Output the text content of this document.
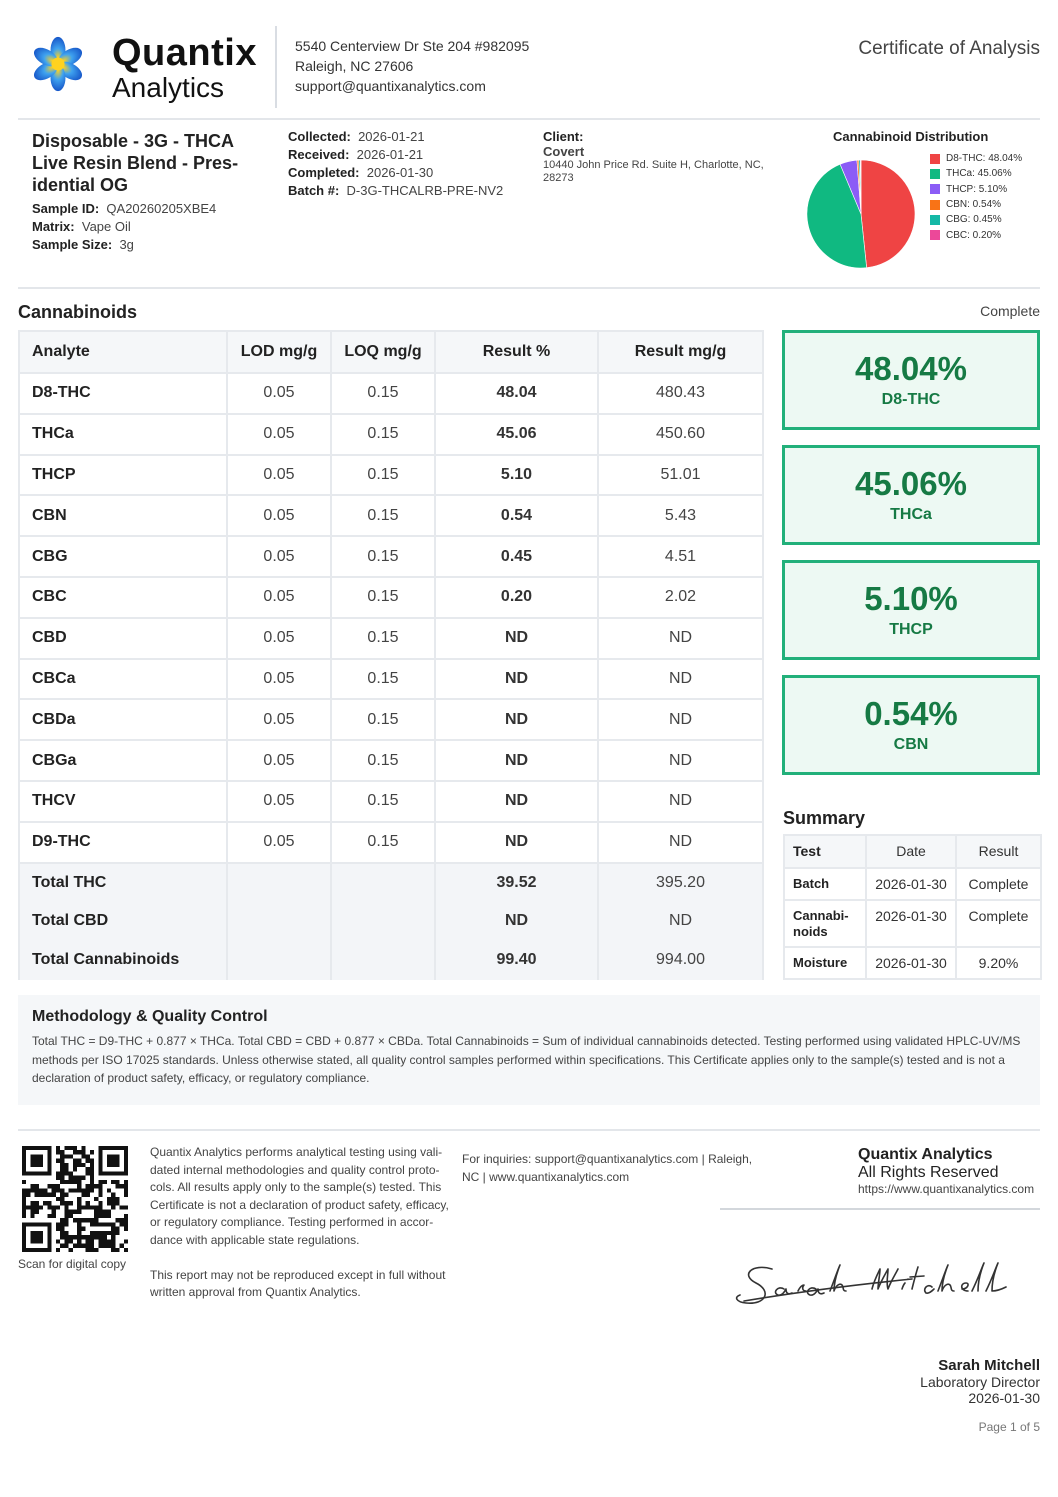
Quantix
Analytics
5540 Centerview Dr Ste 204 #982095
Raleigh, NC 27606
support@quantixanalytics.com
Certificate of Analysis
Disposable - 3G - THCA Live Resin Blend - Pres- idential OG
Sample ID: QA20260205XBE4
Matrix: Vape Oil
Sample Size: 3g
Collected: 2026-01-21
Received: 2026-01-21
Completed: 2026-01-30
Batch #: D-3G-THCALRB-PRE-NV2
Client:
Covert
10440 John Price Rd. Suite H, Charlotte, NC, 28273
Cannabinoid Distribution
D8-THC: 48.04%
THCa: 45.06%
THCP: 5.10%
CBN: 0.54%
CBG: 0.45%
CBC: 0.20%
Cannabinoids	Complete
Analyte	LOD mg/g	LOQ mg/g	Result %	Result mg/g
D8-THC	0.05	0.15	48.04	480.43
THCa	0.05	0.15	45.06	450.60
THCP	0.05	0.15	5.10	51.01
CBN	0.05	0.15	0.54	5.43
CBG	0.05	0.15	0.45	4.51
CBC	0.05	0.15	0.20	2.02
CBD	0.05	0.15	ND	ND
CBCa	0.05	0.15	ND	ND
CBDa	0.05	0.15	ND	ND
CBGa	0.05	0.15	ND	ND
THCV	0.05	0.15	ND	ND
D9-THC	0.05	0.15	ND	ND
Total THC			39.52	395.20
Total CBD			ND	ND
Total Cannabinoids			99.40	994.00
48.04%
D8-THC
45.06%
THCa
5.10%
THCP
0.54%
CBN
Summary
Test	Date	Result
Batch	2026-01-30	Complete
Cannabi- noids	2026-01-30	Complete
Moisture	2026-01-30	9.20%
Methodology & Quality Control

Total THC = D9-THC + 0.877 × THCa. Total CBD = CBD + 0.877 × CBDa. Total Cannabinoids = Sum of individual cannabinoids detected. Testing performed using validated HPLC-UV/MS methods per ISO 17025 standards. Unless otherwise stated, all quality control samples performed within specifications. This Certificate applies only to the sample(s) tested and is not a declaration of product safety, efficacy, or regulatory compliance.

Scan for digital copy

Quantix Analytics performs analytical testing using vali- dated internal methodologies and quality control proto- cols. All results apply only to the sample(s) tested. This Certificate is not a declaration of product safety, efficacy, or regulatory compliance. Testing performed in accor- dance with applicable state regulations.

This report may not be reproduced except in full without written approval from Quantix Analytics.

For inquiries: support@quantixanalytics.com | Raleigh, NC | www.quantixanalytics.com
Quantix Analytics
All Rights Reserved
https://www.quantixanalytics.com
Sarah Mitchell
Laboratory Director
2026-01-30
Page 1 of 5
